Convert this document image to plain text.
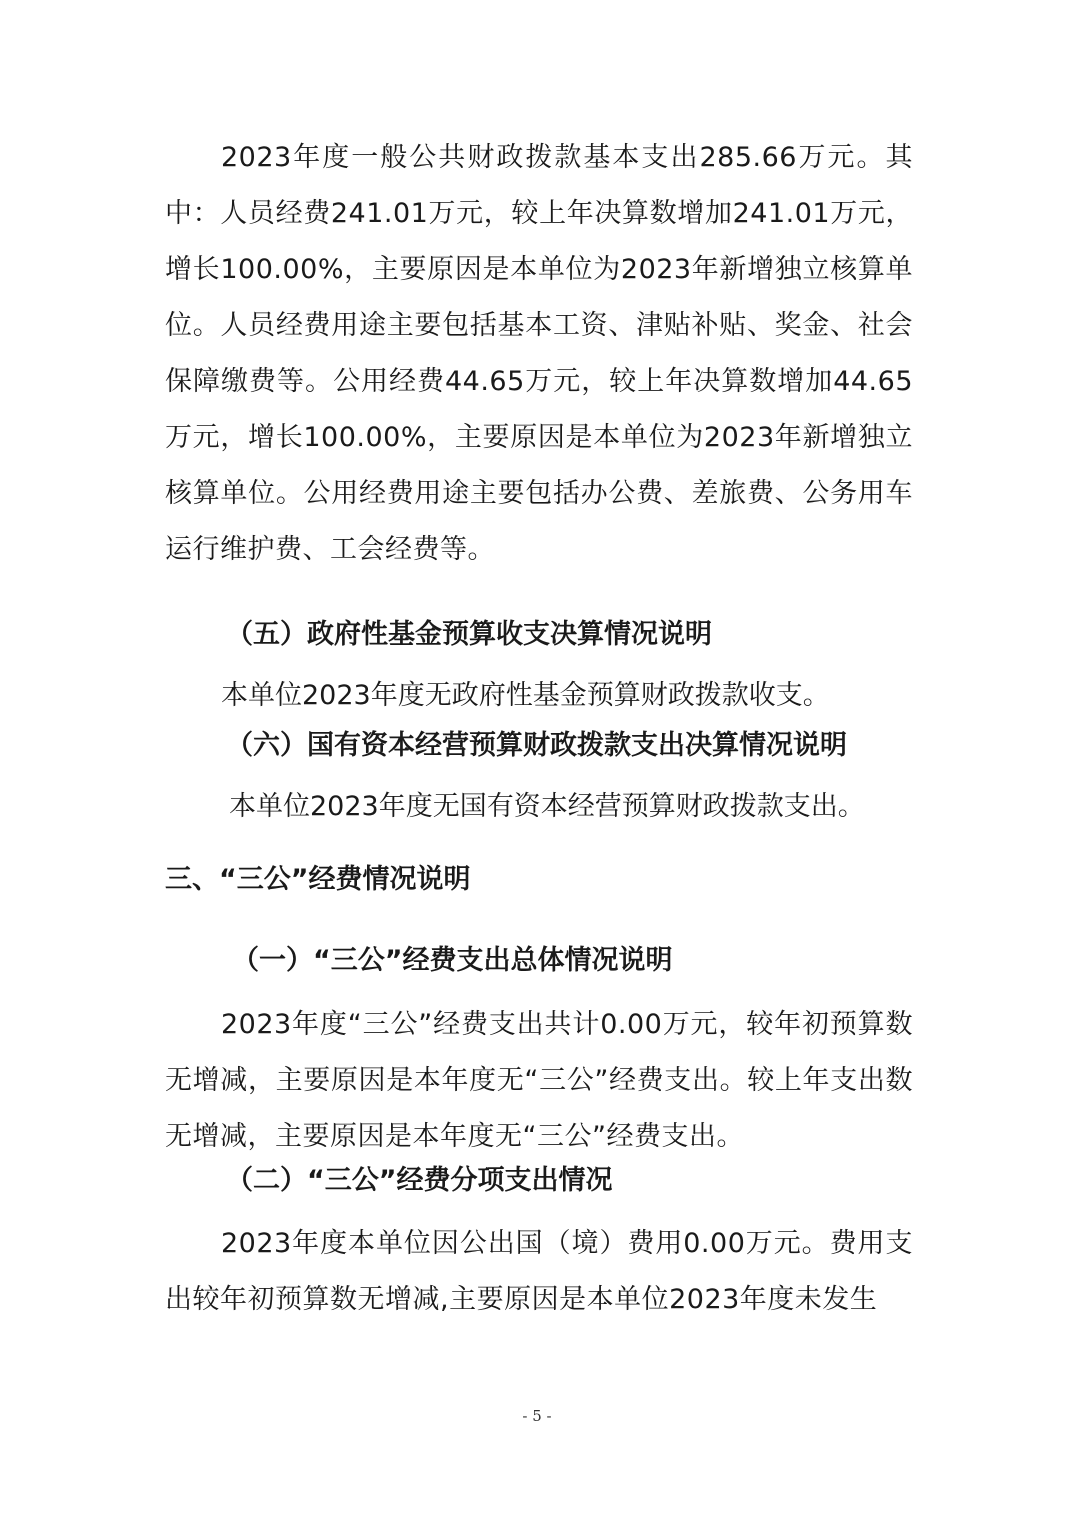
2023年度一般公共财政拨款基本支出285.66万元。其中：人员经费241.01万元，较上年决算数增加241.01万元，增长100.00%，主要原因是本单位为2023年新增独立核算单位。人员经费用途主要包括基本工资、津贴补贴、奖金、社会保障缴费等。公用经费44.65万元，较上年决算数增加44.65万元，增长100.00%，主要原因是本单位为2023年新增独立核算单位。公用经费用途主要包括办公费、差旅费、公务用车运行维护费、工会经费等。

（五）政府性基金预算收支决算情况说明

本单位2023年度无政府性基金预算财政拨款收支。

（六）国有资本经营预算财政拨款支出决算情况说明

本单位2023年度无国有资本经营预算财政拨款支出。

三、“三公”经费情况说明
（一）“三公”经费支出总体情况说明

2023年度“三公”经费支出共计0.00万元，较年初预算数无增减，主要原因是本年度无“三公”经费支出。较上年支出数无增减，主要原因是本年度无“三公”经费支出。

（二）“三公”经费分项支出情况

2023年度本单位因公出国（境）费用0.00万元。费用支出较年初预算数无增减,主要原因是本单位2023年度未发生

- 5 -
